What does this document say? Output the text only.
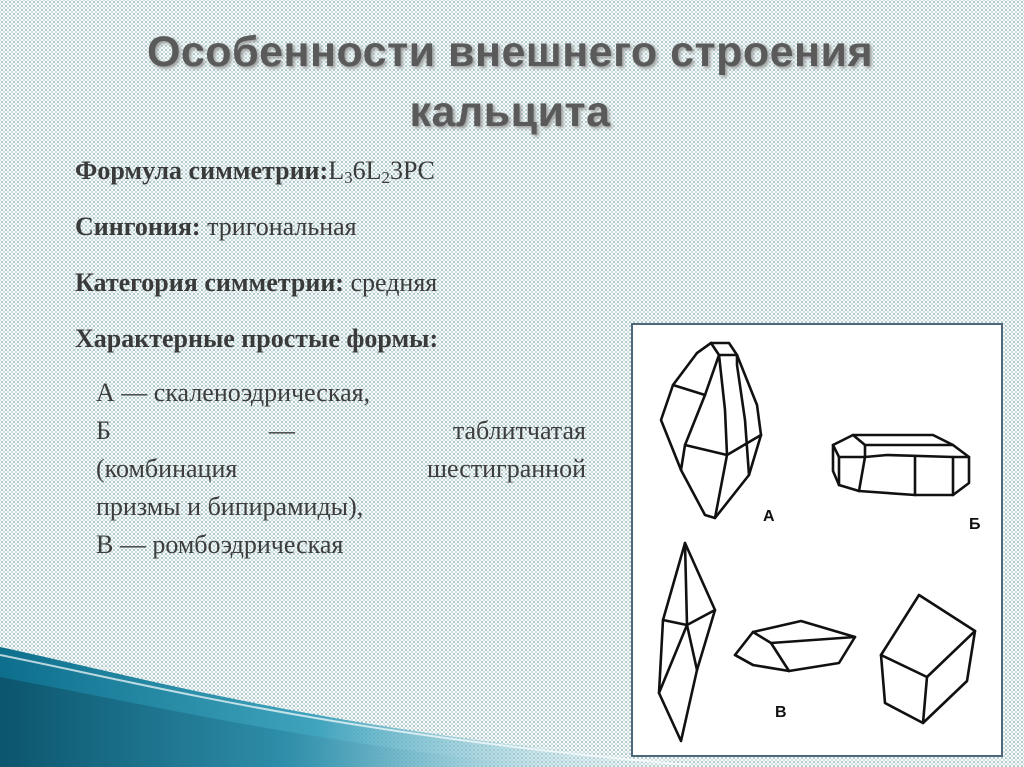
Особенности внешнего строения
кальцита
Формула $симметрии:L_36L_23PC$
Сингония: тригональная
Категория симметрии: средняя
Характерные простые формы:
А — скаленоэдрическая,
Б	—	таблитчатая
(комбинация	шестигранной
призмы и бипирамиды),
В — ромбоэдрическая
А	Б
В
